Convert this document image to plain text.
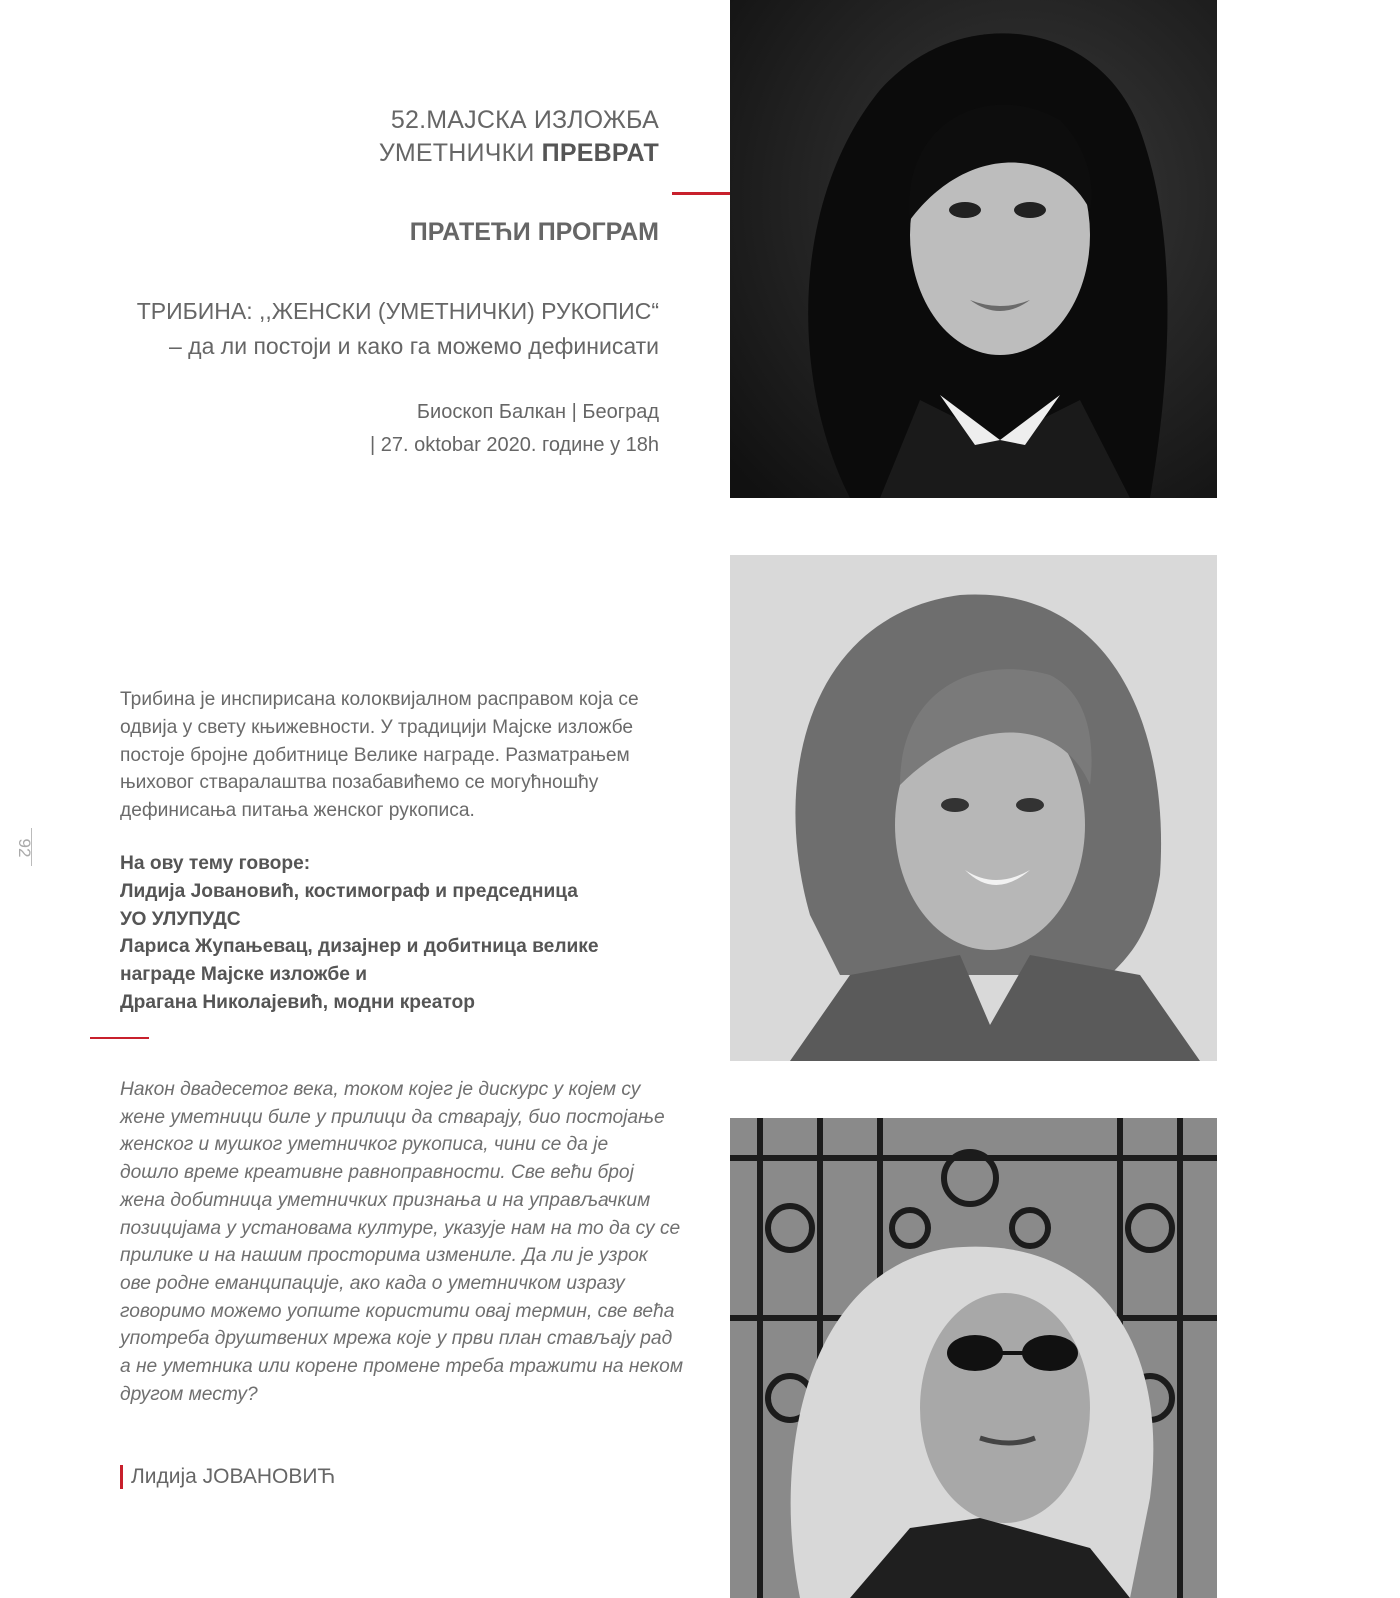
52.МАЈСКА ИЗЛОЖБА
УМЕТНИЧКИ ПРЕВРАТ
ПРАТЕЋИ ПРОГРАМ
ТРИБИНА: ,,ЖЕНСКИ (УМЕТНИЧКИ) РУКОПИС“
– да ли постоји и како га можемо дефинисати
Биоскоп Балкан | Београд
| 27. oktobar 2020. године у 18h
92
Трибина је инспирисана колоквијалном расправом која се одвија у свету књижевности. У традицији Мајске изложбе постоје бројне добитнице Велике награде. Разматрањем њиховог стваралаштва позабавићемо се могућношћу дефинисања питања женског рукописа.
На ову тему говоре:
Лидија Јовановић, костимограф и председница
УО УЛУПУДС
Лариса Жупањевац, дизајнер и добитница велике
награде Мајске изложбе и
Драгана Николајевић, модни креатор
Након двадесетог века, током којег је дискурс у којем су
жене уметници биле у прилици да стварају, био постојање
женског и мушког уметничког рукописа, чини се да је
дошло време креативне равноправности. Све већи број
жена добитница уметничких признања и на управљачким
позицијама у установама културе, указује нам на то да су се
прилике и на нашим просторима измениле. Да ли је узрок
ове родне еманципације, ако када о уметничком изразу
говоримо можемо уопште користити овај термин, све већа
употреба друштвених мрежа које у први план стављају рад
а не уметника или корене промене треба тражити на неком
другом месту?
Лидија ЈОВАНОВИЋ
